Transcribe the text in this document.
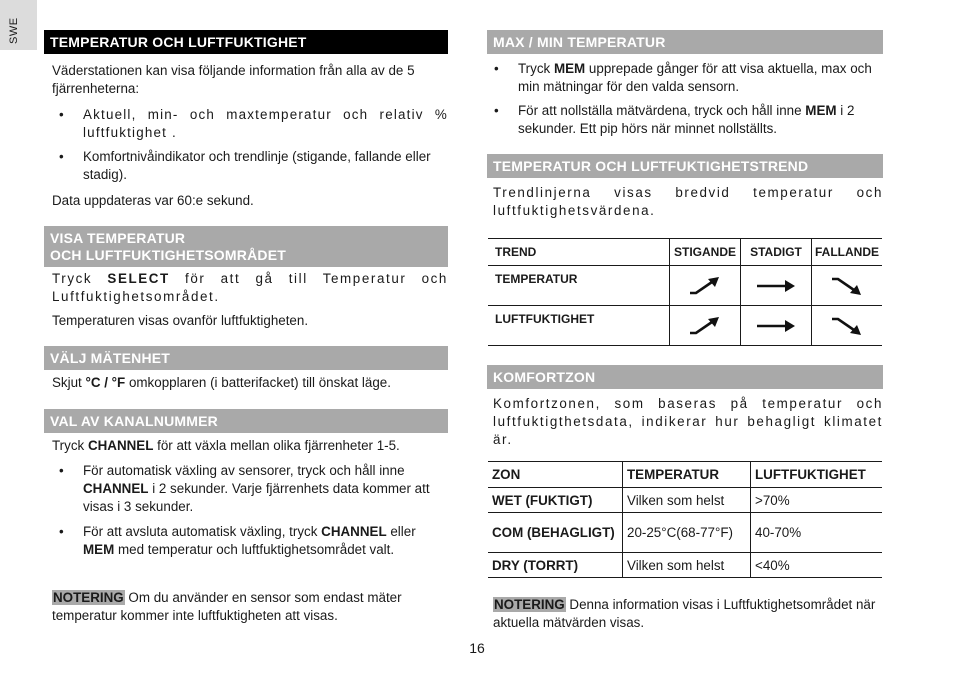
SWE	TEMPERATUR OCH LUFTFUKTIGHET

Väderstationen kan visa följande information från alla av de 5 fjärrenheterna:

• Aktuell, min- och maxtemperatur och relativ % luftfuktighet .
• Komfortnivåindikator och trendlinje (stigande, fallande eller stadig).

Data uppdateras var 60:e sekund.

VISA TEMPERATUR
OCH LUFTFUKTIGHETSOMRÅDET

Tryck SELECT för att gå till Temperatur och Luftfuktighetsområdet.

Temperaturen visas ovanför luftfuktigheten.

VÄLJ MÄTENHET

Skjut °C / °F omkopplaren (i batterifacket) till önskat läge.

VAL AV KANALNUMMER

Tryck CHANNEL för att växla mellan olika fjärrenheter 1-5.

• För automatisk växling av sensorer, tryck och håll inne CHANNEL i 2 sekunder. Varje fjärrenhets data kommer att visas i 3 sekunder.
• För att avsluta automatisk växling, tryck CHANNEL eller MEM med temperatur och luftfuktighetsområdet valt.

NOTERING Om du använder en sensor som endast mäter temperatur kommer inte luftfuktigheten att visas.

MAX / MIN TEMPERATUR
• Tryck MEM upprepade gånger för att visa aktuella, max och min mätningar för den valda sensorn.
• För att nollställa mätvärdena, tryck och håll inne MEM i 2 sekunder. Ett pip hörs när minnet nollställts.
TEMPERATUR OCH LUFTFUKTIGHETSTREND

Trendlinjerna visas bredvid temperatur och luftfuktighetsvärdena.

TREND	STIGANDE	STADIGT	FALLANDE
TEMPERATUR	

LUFTFUKTIGHET	

KOMFORTZON

Komfortzonen, som baseras på temperatur och luftfuktigthetsdata, indikerar hur behagligt klimatet är.

ZON	TEMPERATUR	LUFTFUKTIGHET
WET (FUKTIGT)	Vilken som helst	>70%
COM (BEHAGLIGT)	20-25°C(68-77°F)	40-70%
DRY (TORRT)	Vilken som helst	<40%

NOTERING Denna information visas i Luftfuktighetsområdet när aktuella mätvärden visas.

16
